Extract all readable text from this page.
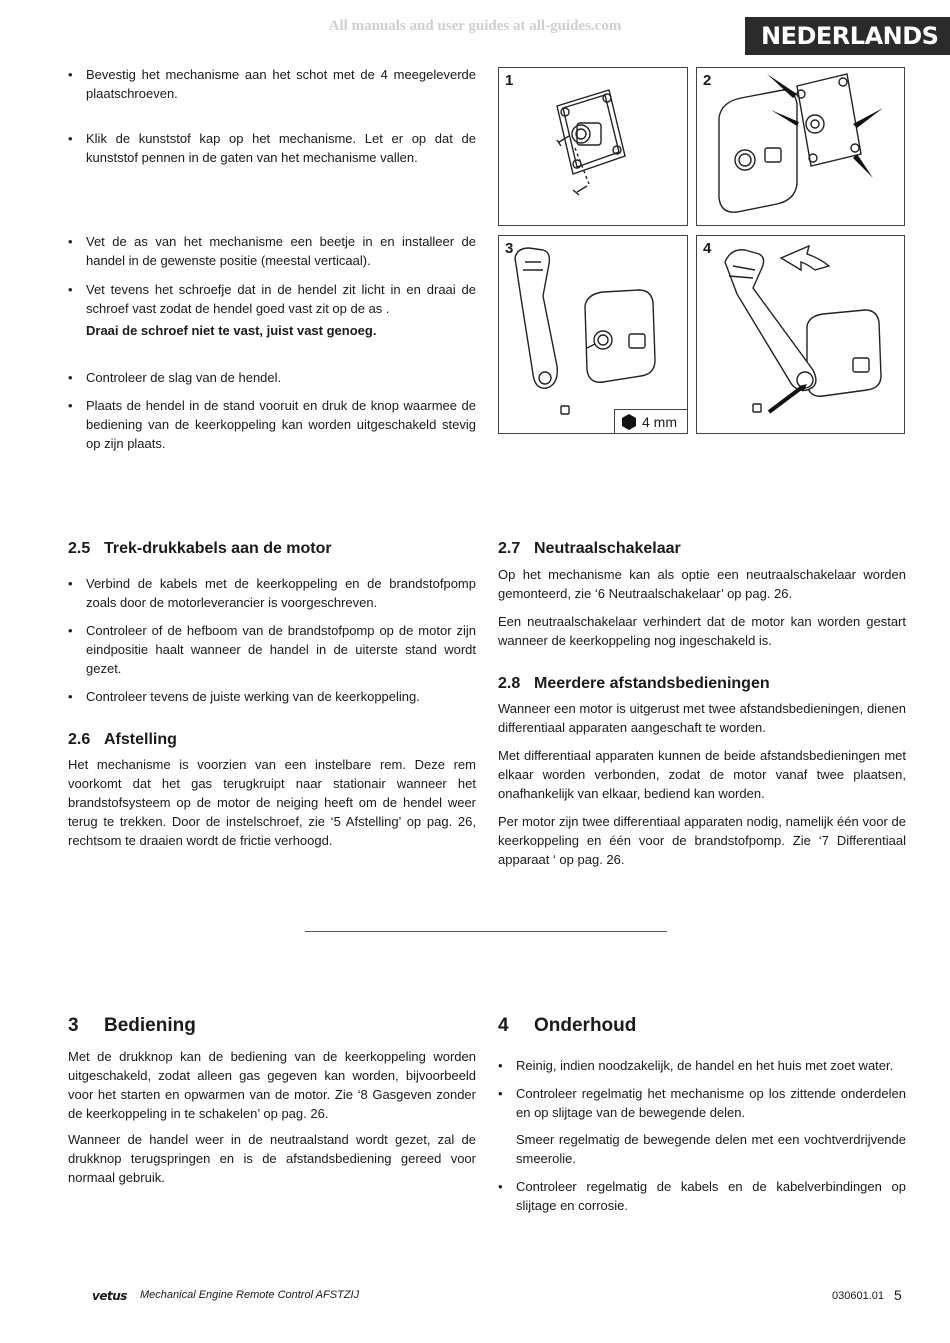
All manuals and user guides at all-guides.com	NEDERLANDS
• Bevestig het mechanisme aan het schot met de 4 meegeleverde plaatschroeven.
• Klik de kunststof kap op het mechanisme. Let er op dat de kunststof pennen in de gaten van het mechanisme vallen.
• Vet de as van het mechanisme een beetje in en installeer de handel in de gewenste positie (meestal verticaal).
• Vet tevens het schroefje dat in de hendel zit licht in en draai de schroef vast zodat de hendel goed vast zit op de as .

Draai de schroef niet te vast, juist vast genoeg.

• Controleer de slag van de hendel.
• Plaats de hendel in de stand vooruit en druk de knop waarmee de bediening van de keerkoppeling kan worden uitgeschakeld stevig op zijn plaats.
1	2
3
4 mm
4
2.5 Trek-drukkabels aan de motor
• Verbind de kabels met de keerkoppeling en de brandstofpomp zoals door de motorleverancier is voorgeschreven.
• Controleer of de hefboom van de brandstofpomp op de motor zijn eindpositie haalt wanneer de handel in de uiterste stand wordt gezet.
• Controleer tevens de juiste werking van de keerkoppeling.
2.6 Afstelling

Het mechanisme is voorzien van een instelbare rem. Deze rem voorkomt dat het gas terugkruipt naar stationair wanneer het brandstofsysteem op de motor de neiging heeft om de hendel weer terug te trekken. Door de instelschroef, zie ‘5 Afstelling’ op pag. 26, rechtsom te draaien wordt de frictie verhoogd.

2.7 Neutraalschakelaar

Op het mechanisme kan als optie een neutraalschakelaar worden gemonteerd, zie ‘6 Neutraalschakelaar’ op pag. 26.

Een neutraalschakelaar verhindert dat de motor kan worden gestart wanneer de keerkoppeling nog ingeschakeld is.

2.8 Meerdere afstandsbedieningen

Wanneer een motor is uitgerust met twee afstandsbedieningen, dienen differentiaal apparaten aangeschaft te worden.

Met differentiaal apparaten kunnen de beide afstandsbedieningen met elkaar worden verbonden, zodat de motor vanaf twee plaatsen, onafhankelijk van elkaar, bediend kan worden.

Per motor zijn twee differentiaal apparaten nodig, namelijk één voor de keerkoppeling en één voor de brandstofpomp. Zie ‘7 Differentiaal apparaat ‘ op pag. 26.

3 Bediening

Met de drukknop kan de bediening van de keerkoppeling worden uitgeschakeld, zodat alleen gas gegeven kan worden, bijvoorbeeld voor het starten en opwarmen van de motor. Zie ‘8 Gasgeven zonder de keerkoppeling in te schakelen’ op pag. 26.

Wanneer de handel weer in de neutraalstand wordt gezet, zal de drukknop terugspringen en is de afstandsbediening gereed voor normaal gebruik.

4 Onderhoud
• Reinig, indien noodzakelijk, de handel en het huis met zoet water.
• Controleer regelmatig het mechanisme op los zittende onderdelen en op slijtage van de bewegende delen.
Smeer regelmatig de bewegende delen met een vochtverdrijvende smeerolie.
• Controleer regelmatig de kabels en de kabelverbindingen op slijtage en corrosie.
vetus Mechanical Engine Remote Control AFSTZIJ	030601.01 5
